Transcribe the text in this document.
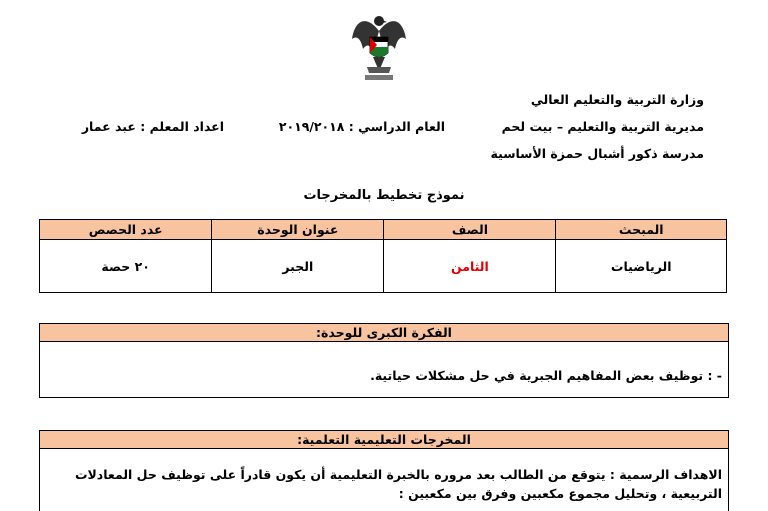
وزارة التربية والتعليم العالي
مديرية التربية والتعليم – بيت لحم
مدرسة ذكور أشبال حمزة الأساسية
العام الدراسي : ٢٠١٩/٢٠١٨
اعداد المعلم : عبد عمار
نموذج تخطيط بالمخرجات
المبحث	الصف	عنوان الوحدة	عدد الحصص
الرياضيات	الثامن	الجبر	٢٠ حصة
الفكرة الكبرى للوحدة:
- : توظيف بعض المفاهيم الجبرية في حل مشكلات حياتية.
المخرجات التعليمية التعلمية:
الاهداف الرسمية : يتوقع من الطالب بعد مروره بالخبرة التعليمية أن يكون قادراً على توظيف حل المعادلات التربيعية ، وتحليل مجموع مكعبين وفرق بين مكعبين :
